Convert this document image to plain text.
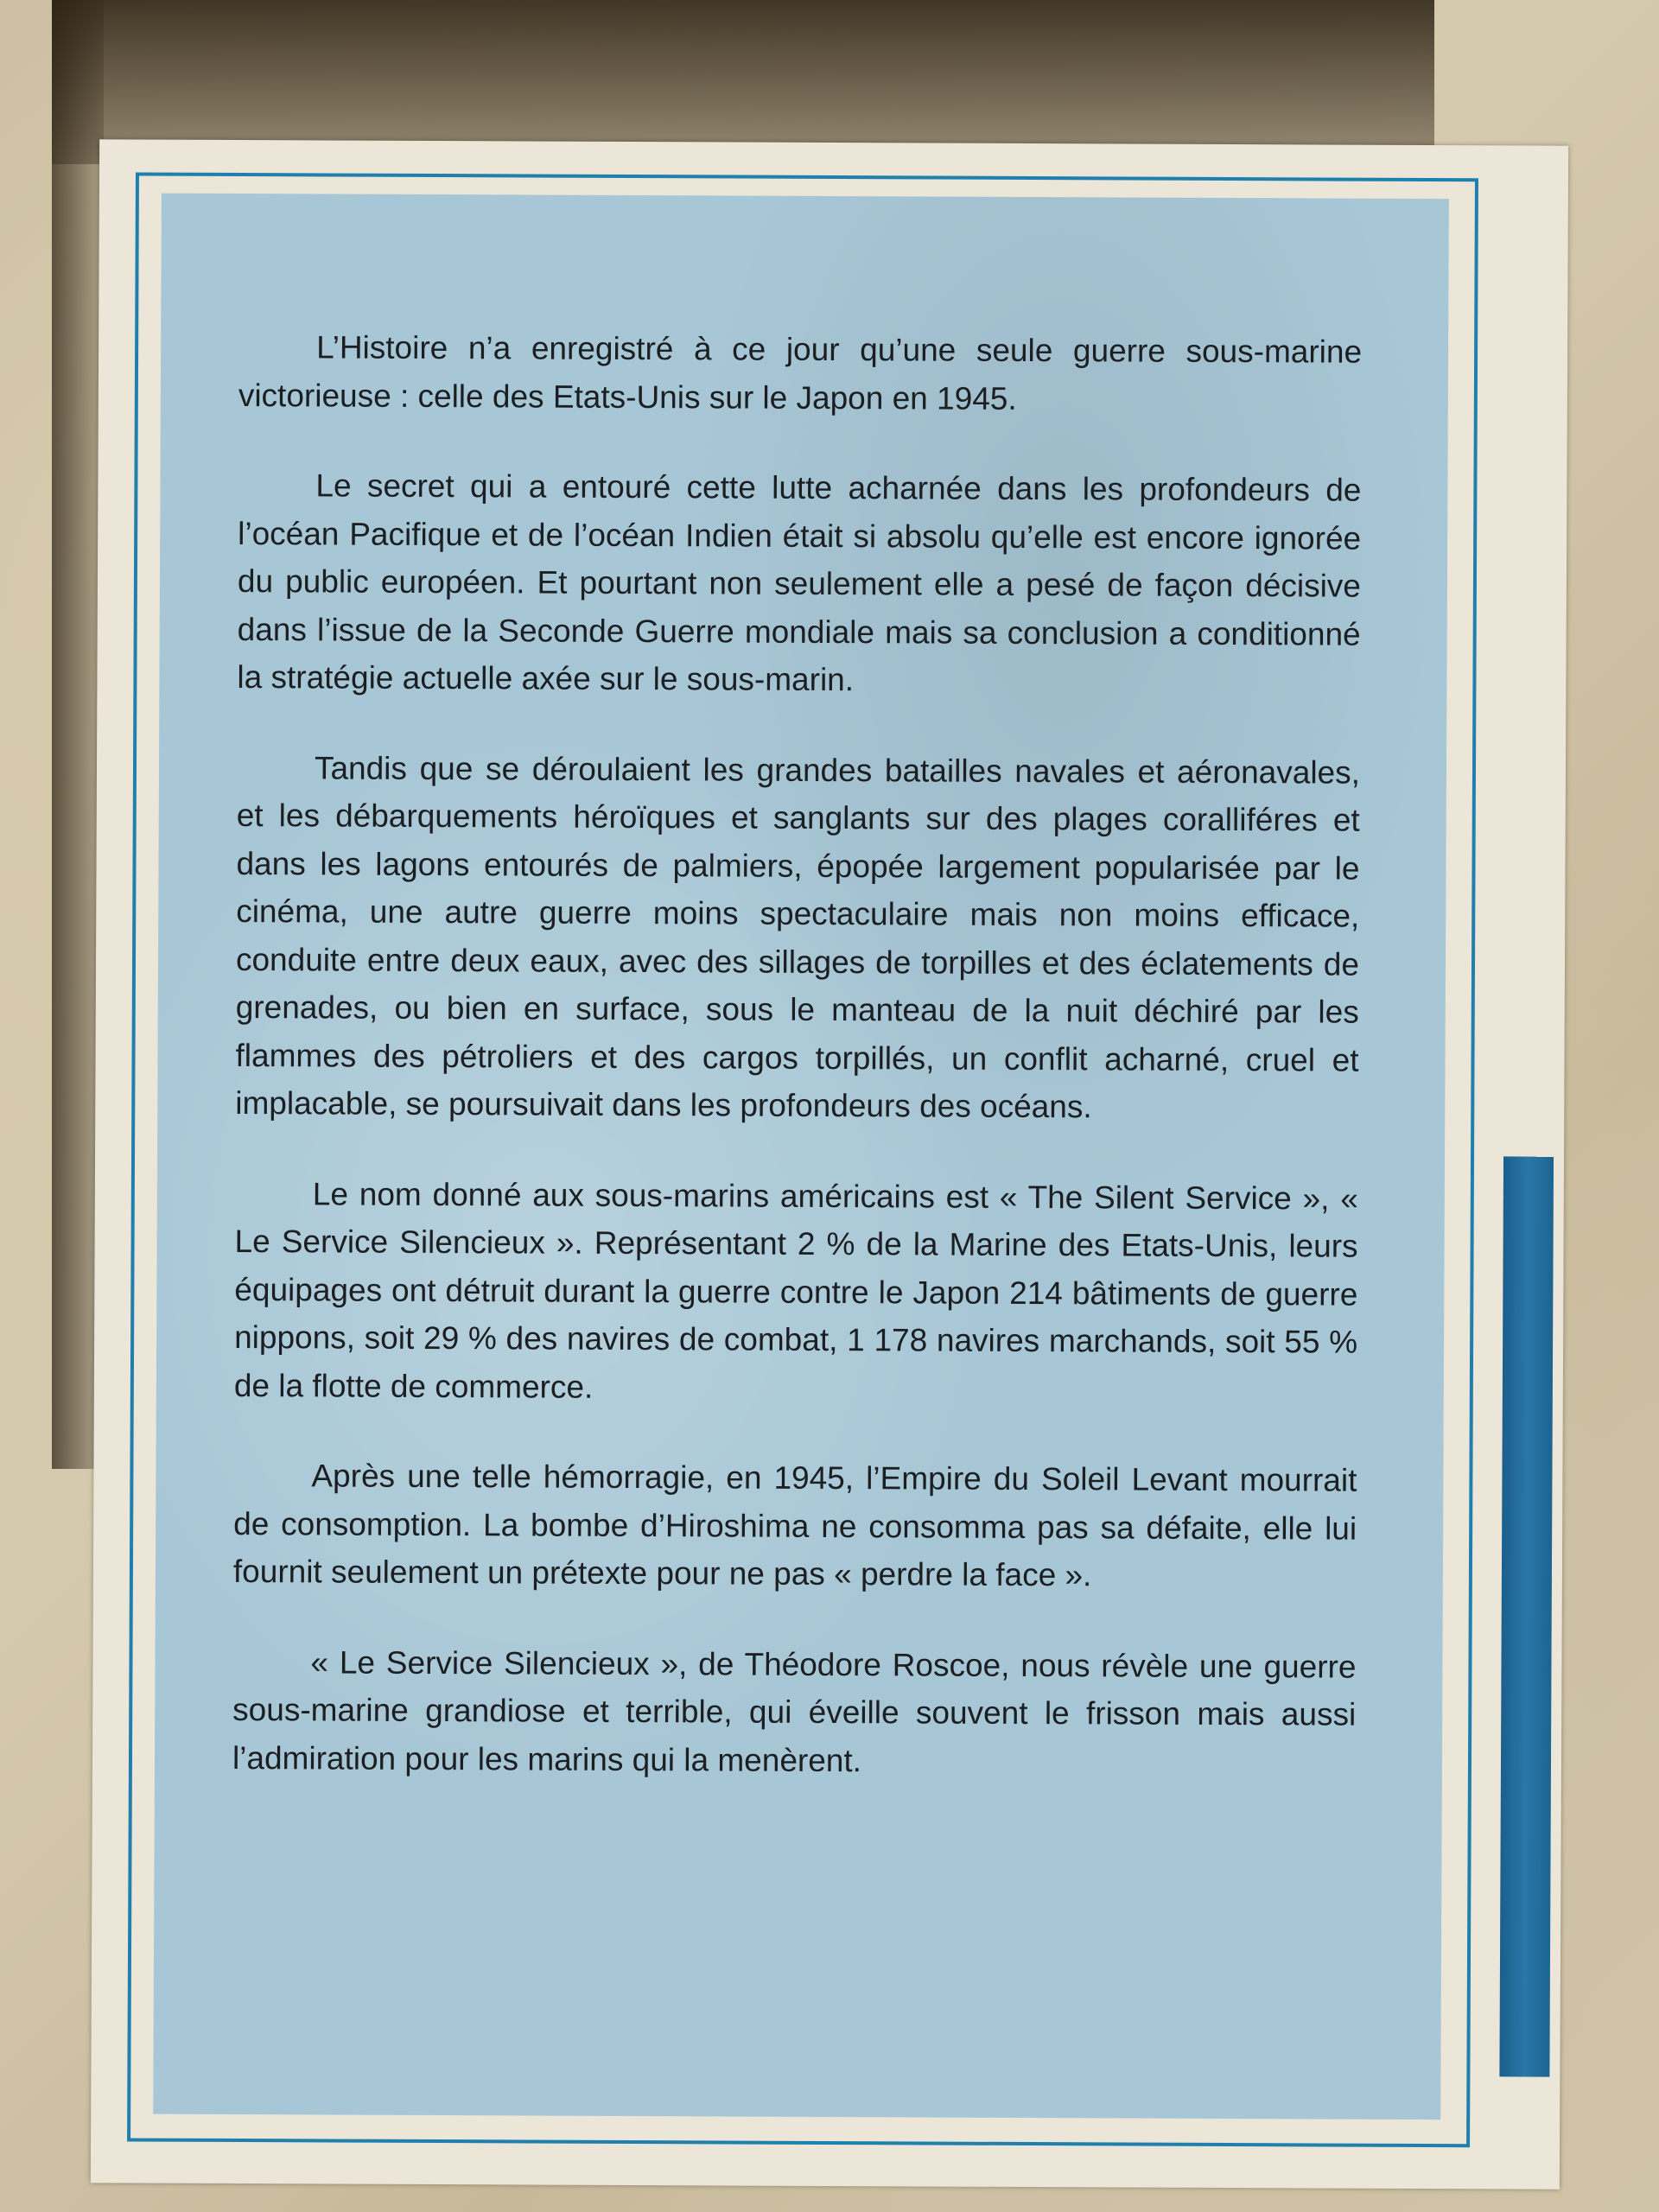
L’Histoire n’a enregistré à ce jour qu’une seule guerre sous-marine victorieuse : celle des Etats-Unis sur le Japon en 1945.

Le secret qui a entouré cette lutte acharnée dans les profondeurs de l’océan Pacifique et de l’océan Indien était si absolu qu’elle est encore ignorée du public européen. Et pourtant non seulement elle a pesé de façon décisive dans l’issue de la Seconde Guerre mondiale mais sa conclusion a conditionné la stratégie actuelle axée sur le sous-marin.

Tandis que se déroulaient les grandes batailles navales et aéronavales, et les débarquements héroïques et sanglants sur des plages coralliféres et dans les lagons entourés de palmiers, épopée largement popularisée par le cinéma, une autre guerre moins spectaculaire mais non moins efficace, conduite entre deux eaux, avec des sillages de torpilles et des éclatements de grenades, ou bien en surface, sous le manteau de la nuit déchiré par les flammes des pétroliers et des cargos torpillés, un conflit acharné, cruel et implacable, se poursuivait dans les profondeurs des océans.

Le nom donné aux sous-marins américains est « The Silent Service », « Le Service Silencieux ». Représentant 2 % de la Marine des Etats-Unis, leurs équipages ont détruit durant la guerre contre le Japon 214 bâtiments de guerre nippons, soit 29 % des navires de combat, 1 178 navires marchands, soit 55 % de la flotte de commerce.

Après une telle hémorragie, en 1945, l’Empire du Soleil Levant mourrait de consomption. La bombe d’Hiroshima ne consomma pas sa défaite, elle lui fournit seulement un prétexte pour ne pas « perdre la face ».

« Le Service Silencieux », de Théodore Roscoe, nous révèle une guerre sous-marine grandiose et terrible, qui éveille souvent le frisson mais aussi l’admiration pour les marins qui la menèrent.
